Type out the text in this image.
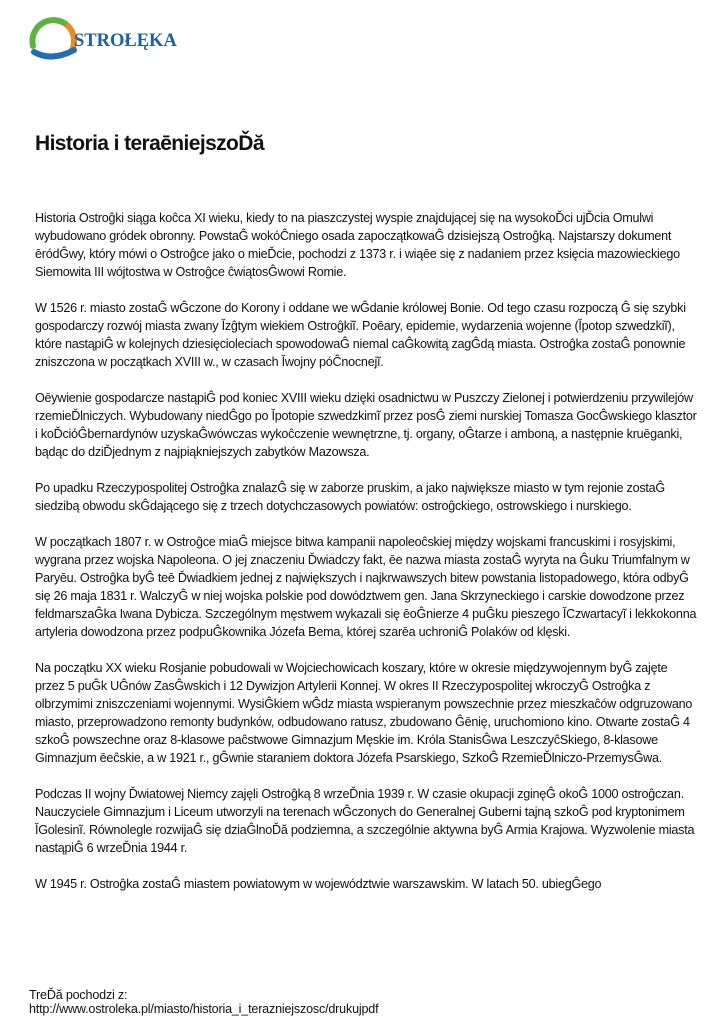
STROŁĘKA
Historia i teraēniejszoĎă

Historia Ostroĝki siąga koĉca XI wieku, kiedy to na piaszczystej wyspie znajdującej się na wysokoĎci ujĎcia Omulwi wybudowano gródek obronny. PowstaĜ wokóĈniego osada zapoczątkowaĜ dzisiejszą Ostroĝką. Najstarszy dokument ēródĜwy, który mówi o Ostroĝce jako o mieĎcie, pochodzi z 1373 r. i wiąēe się z nadaniem przez księcia mazowieckiego Siemowita III wójtostwa w Ostroĝce ĉwiątosĜwowi Romie.

W 1526 r. miasto zostaĜ wĜczone do Korony i oddane we wĜdanie królowej Bonie. Od tego czasu rozpoczą Ĝ się szybki gospodarczy rozwój miasta zwany Ĭzĝtym wiekiem Ostroĝkiĩ. Poēary, epidemie, wydarzenia wojenne (Ĭpotop szwedzkiĩ), które nastąpiĜ w kolejnych dziesięcioleciach spowodowaĜ niemal caĜkowitą zagĜdą miasta. Ostroĝka zostaĜ ponownie zniszczona w początkach XVIII w., w czasach Ĭwojny póĈnocnejĩ.

Oēywienie gospodarcze nastąpiĜ pod koniec XVIII wieku dzięki osadnictwu w Puszczy Zielonej i potwierdzeniu przywilejów rzemieĎlniczych. Wybudowany niedĜgo po Ĭpotopie szwedzkimĩ przez posĜ ziemi nurskiej Tomasza GocĜwskiego klasztor i koĎcióĜbernardynów uzyskaĜwówczas wykoĉczenie wewnętrzne, tj. organy, oĜtarze i amboną, a następnie kruēganki, bądąc do dziĎjednym z najpiąkniejszych zabytków Mazowsza.

Po upadku Rzeczypospolitej Ostroĝka znalazĜ się w zaborze pruskim, a jako największe miasto w tym rejonie zostaĜ siedzibą obwodu skĜdającego się z trzech dotychczasowych powiatów: ostroĝckiego, ostrowskiego i nurskiego.

W początkach 1807 r. w Ostroĝce miaĜ miejsce bitwa kampanii napoleoĉskiej między wojskami francuskimi i rosyjskimi, wygrana przez wojska Napoleona. O jej znaczeniu Ďwiadczy fakt, ēe nazwa miasta zostaĜ wyryta na Ĝuku Triumfalnym w Paryēu. Ostroĝka byĜ teē Ďwiadkiem jednej z największych i najkrwawszych bitew powstania listopadowego, która odbyĜ się 26 maja 1831 r. WalczyĜ w niej wojska polskie pod dowództwem gen. Jana Skrzyneckiego i carskie dowodzone przez feldmarszaĜka Iwana Dybicza. Szczególnym męstwem wykazali się ēoĜnierze 4 puĜku pieszego ĬCzwartacyĩ i lekkokonna artyleria dowodzona przez podpuĜkownika Józefa Bema, której szarēa uchroniĜ Polaków od klęski.

Na początku XX wieku Rosjanie pobudowali w Wojciechowicach koszary, które w okresie międzywojennym byĜ zajęte przez 5 puĜk UĜnów ZasĜwskich i 12 Dywizjon Artylerii Konnej. W okres II Rzeczypospolitej wkroczyĜ Ostroĝka z olbrzymimi zniszczeniami wojennymi. WysiĜkiem wĜdz miasta wspieranym powszechnie przez mieszkaĉów odgruzowano miasto, przeprowadzono remonty budynków, odbudowano ratusz, zbudowano Ĝēnię, uruchomiono kino. Otwarte zostaĜ 4 szkoĜ powszechne oraz 8-klasowe paĉstwowe Gimnazjum Męskie im. Króla StanisĜwa LeszczyĉSkiego, 8-klasowe Gimnazjum ēeĉskie, a w 1921 r., gĜwnie staraniem doktora Józefa Psarskiego, SzkoĜ RzemieĎlniczo-PrzemysĜwa.

Podczas II wojny Ďwiatowej Niemcy zajęli Ostroĝką 8 wrzeĎnia 1939 r. W czasie okupacji zginęĜ okoĜ 1000 ostroĝczan. Nauczyciele Gimnazjum i Liceum utworzyli na terenach wĜczonych do Generalnej Guberni tajną szkoĜ pod kryptonimem ĬGolesinĩ. Równolegle rozwijaĜ się dziaĜlnoĎă podziemna, a szczególnie aktywna byĜ Armia Krajowa. Wyzwolenie miasta nastąpiĜ 6 wrzeĎnia 1944 r.

W 1945 r. Ostroĝka zostaĜ miastem powiatowym w województwie warszawskim. W latach 50. ubiegĜego

TreĎă pochodzi z:
http://www.ostroleka.pl/miasto/historia_i_terazniejszosc/drukujpdf
